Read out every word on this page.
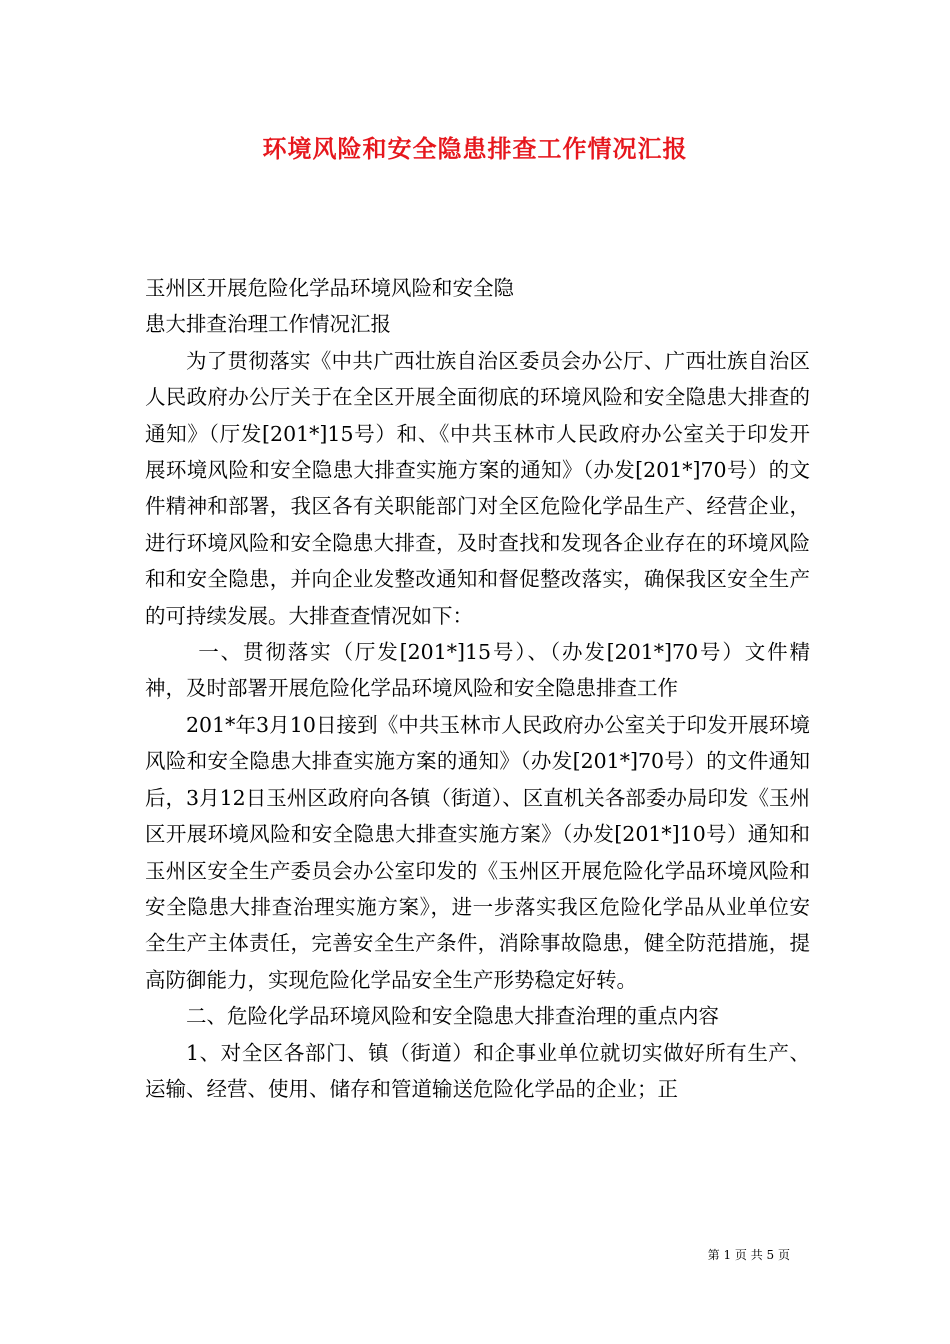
环境风险和安全隐患排查工作情况汇报

玉州区开展危险化学品环境风险和安全隐

患大排查治理工作情况汇报

为了贯彻落实《中共广西壮族自治区委员会办公厅、广西壮族自治区人民政府办公厅关于在全区开展全面彻底的环境风险和安全隐患大排查的通知》（厅发[201*]15号）和、《中共玉林市人民政府办公室关于印发开展环境风险和安全隐患大排查实施方案的通知》（办发[201*]70号）的文件精神和部署，我区各有关职能部门对全区危险化学品生产、经营企业，进行环境风险和安全隐患大排查，及时查找和发现各企业存在的环境风险和和安全隐患，并向企业发整改通知和督促整改落实，确保我区安全生产的可持续发展。大排查查情况如下：

一、贯彻落实（厅发[201*]15号）、（办发[201*]70号）文件精神，及时部署开展危险化学品环境风险和安全隐患排查工作

201*年3月10日接到《中共玉林市人民政府办公室关于印发开展环境风险和安全隐患大排查实施方案的通知》（办发[201*]70号）的文件通知后，3月12日玉州区政府向各镇（街道）、区直机关各部委办局印发《玉州区开展环境风险和安全隐患大排查实施方案》（办发[201*]10号）通知和玉州区安全生产委员会办公室印发的《玉州区开展危险化学品环境风险和安全隐患大排查治理实施方案》，进一步落实我区危险化学品从业单位安全生产主体责任，完善安全生产条件，消除事故隐患，健全防范措施，提高防御能力，实现危险化学品安全生产形势稳定好转。

二、危险化学品环境风险和安全隐患大排查治理的重点内容

1、对全区各部门、镇（街道）和企事业单位就切实做好所有生产、运输、经营、使用、储存和管道输送危险化学品的企业；正

第 1 页 共 5 页
